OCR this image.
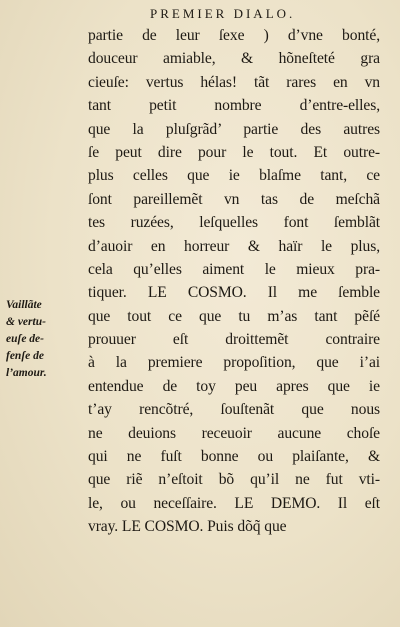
PREMIER DIALO.
Vaillãte
& vertu-
euſe de-
fenſe de
l’amour.
partie de leur ſexe ) d’vne bonté,
douceur amiable, & hõneſteté gra
cieuſe: vertus hélas! tãt rares en vn
tant petit nombre d’entre-elles,
que la pluſgrãd’ partie des autres
ſe peut dire pour le tout. Et outre-
plus celles que ie blaſme tant, ce
ſont pareillemẽt vn tas de meſchã
tes ruzées, leſquelles font ſemblãt
d’auoir en horreur & haïr le plus,
cela qu’elles aiment le mieux pra-
tiquer. LE COSMO. Il me ſemble
que tout ce que tu m’as tant pẽſé
prouuer eſt droittemẽt contraire
à la premiere propoſition, que i’ai
entendue de toy peu apres que ie
t’ay rencõtré, ſouſtenãt que nous
ne deuions receuoir aucune choſe
qui ne fuſt bonne ou plaiſante, &
que riẽ n’eſtoit bõ qu’il ne fut vti-
le, ou neceſſaire. LE DEMO. Il eſt
vray. LE COSMO. Puis dõq̃ que
